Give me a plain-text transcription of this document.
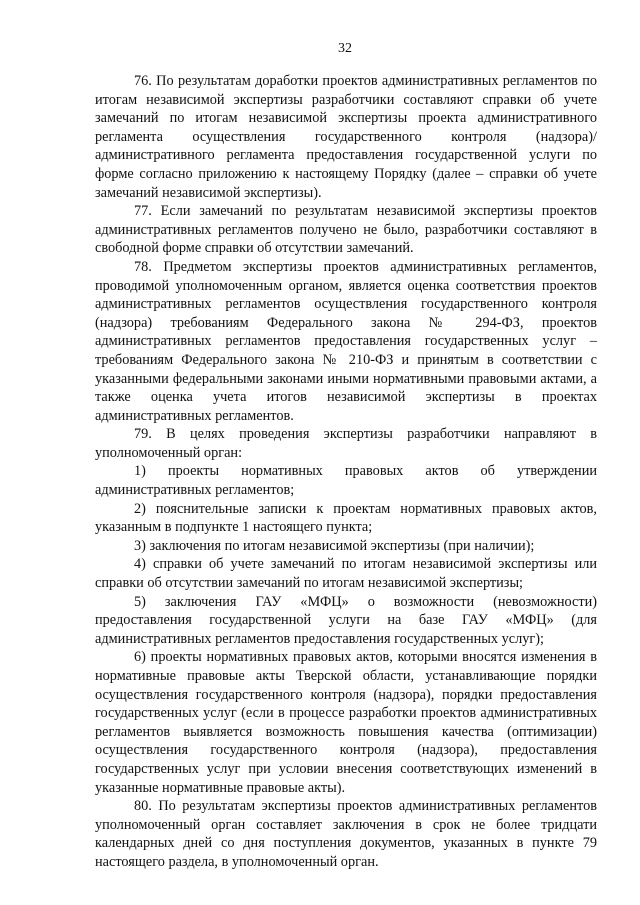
32

76. По результатам доработки проектов административных регламентов по итогам независимой экспертизы разработчики составляют справки об учете замечаний по итогам независимой экспертизы проекта административного регламента осуществления государственного контроля (надзора)/административного регламента предоставления государственной услуги по форме согласно приложению к настоящему Порядку (далее – справки об учете замечаний независимой экспертизы).

77. Если замечаний по результатам независимой экспертизы проектов административных регламентов получено не было, разработчики составляют в свободной форме справки об отсутствии замечаний.

78. Предметом экспертизы проектов административных регламентов, проводимой уполномоченным органом, является оценка соответствия проектов административных регламентов осуществления государственного контроля (надзора) требованиям Федерального закона № 294-ФЗ, проектов административных регламентов предоставления государственных услуг – требованиям Федерального закона № 210-ФЗ и принятым в соответствии с указанными федеральными законами иными нормативными правовыми актами, а также оценка учета итогов независимой экспертизы в проектах административных регламентов.

79. В целях проведения экспертизы разработчики направляют в уполномоченный орган:

1) проекты нормативных правовых актов об утверждении административных регламентов;

2) пояснительные записки к проектам нормативных правовых актов, указанным в подпункте 1 настоящего пункта;

3) заключения по итогам независимой экспертизы (при наличии);

4) справки об учете замечаний по итогам независимой экспертизы или справки об отсутствии замечаний по итогам независимой экспертизы;

5) заключения ГАУ «МФЦ» о возможности (невозможности) предоставления государственной услуги на базе ГАУ «МФЦ» (для административных регламентов предоставления государственных услуг);

6) проекты нормативных правовых актов, которыми вносятся изменения в нормативные правовые акты Тверской области, устанавливающие порядки осуществления государственного контроля (надзора), порядки предоставления государственных услуг (если в процессе разработки проектов административных регламентов выявляется возможность повышения качества (оптимизации) осуществления государственного контроля (надзора), предоставления государственных услуг при условии внесения соответствующих изменений в указанные нормативные правовые акты).

80. По результатам экспертизы проектов административных регламентов уполномоченный орган составляет заключения в срок не более тридцати календарных дней со дня поступления документов, указанных в пункте 79 настоящего раздела, в уполномоченный орган.
